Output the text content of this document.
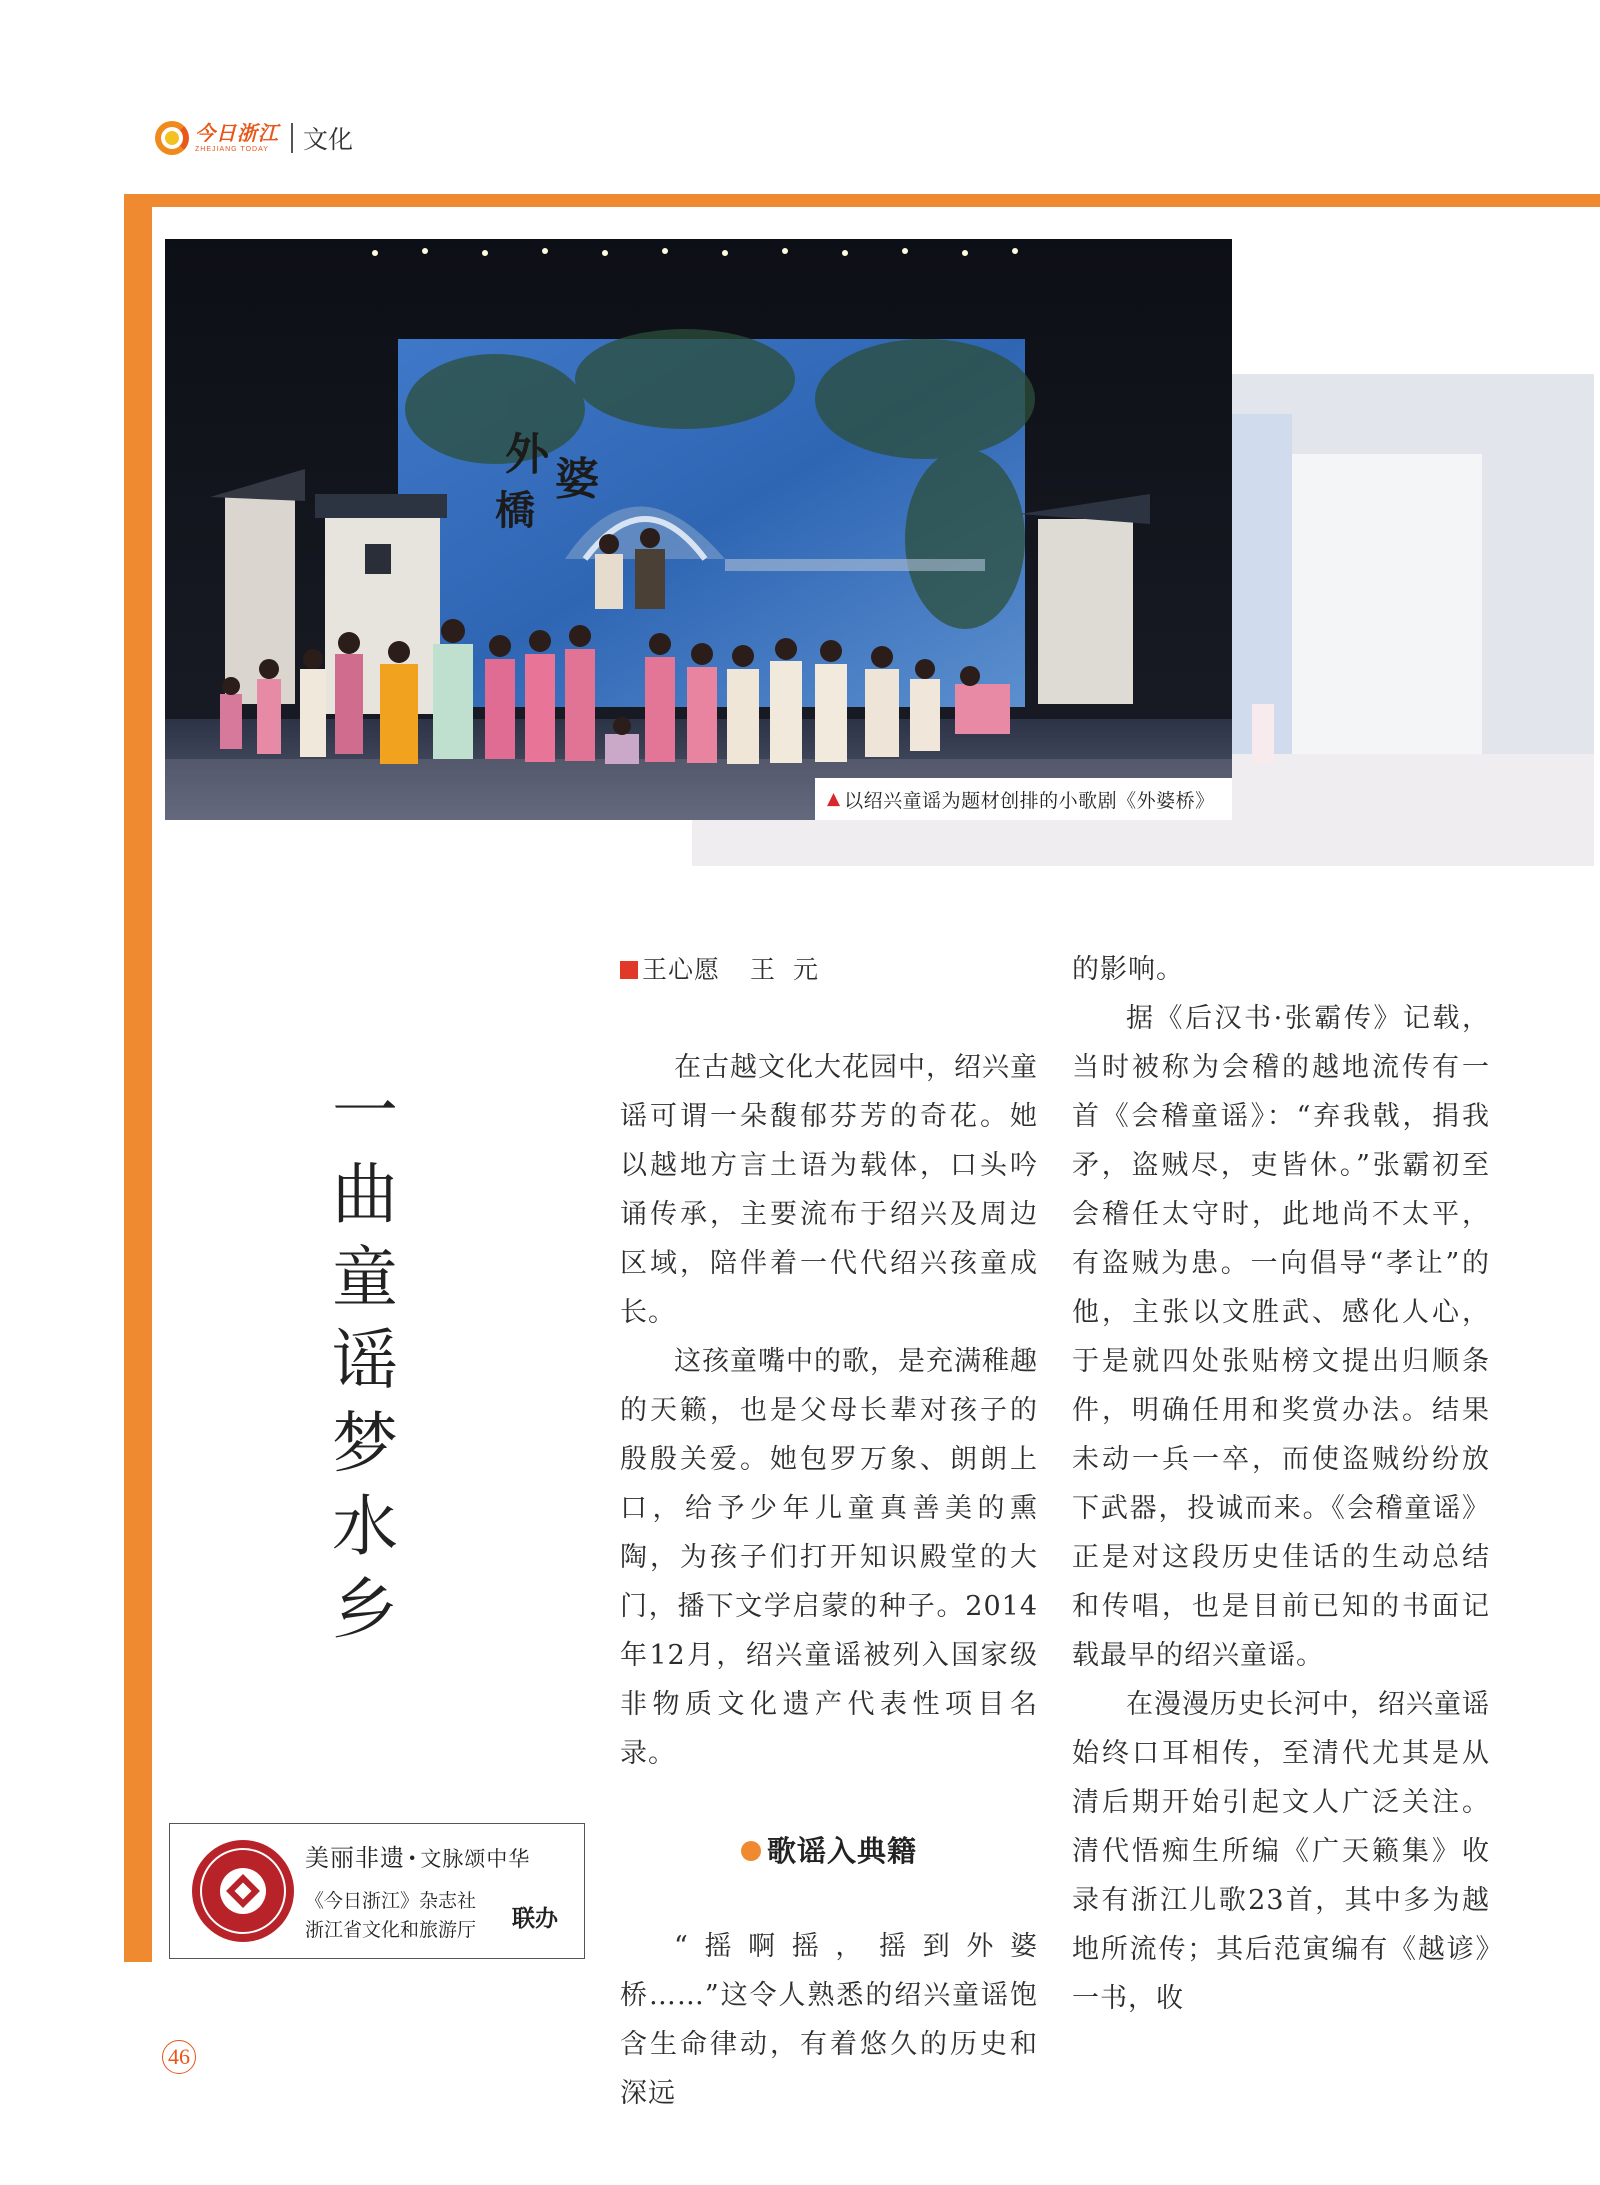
今日浙江
ZHEJIANG TODAY	文化
外 婆
橋
▲ 以绍兴童谣为题材创排的小歌剧《外婆桥》
一
曲
童
谣
梦
水
乡
王心愿 王元

在古越文化大花园中，绍兴童谣可谓一朵馥郁芬芳的奇花。她以越地方言土语为载体，口头吟诵传承，主要流布于绍兴及周边区域，陪伴着一代代绍兴孩童成长。

这孩童嘴中的歌，是充满稚趣的天籁，也是父母长辈对孩子的殷殷关爱。她包罗万象、朗朗上口，给予少年儿童真善美的熏陶，为孩子们打开知识殿堂的大门，播下文学启蒙的种子。2014年12月，绍兴童谣被列入国家级非物质文化遗产代表性项目名录。

歌谣入典籍

“摇啊摇，摇到外婆桥……”这令人熟悉的绍兴童谣饱含生命律动，有着悠久的历史和深远

的影响。

据《后汉书·张霸传》记载，当时被称为会稽的越地流传有一首《会稽童谣》：“弃我戟，捐我矛，盗贼尽，吏皆休。”张霸初至会稽任太守时，此地尚不太平，有盗贼为患。一向倡导“孝让”的他，主张以文胜武、感化人心，于是就四处张贴榜文提出归顺条件，明确任用和奖赏办法。结果未动一兵一卒，而使盗贼纷纷放下武器，投诚而来。《会稽童谣》正是对这段历史佳话的生动总结和传唱，也是目前已知的书面记载最早的绍兴童谣。

在漫漫历史长河中，绍兴童谣始终口耳相传，至清代尤其是从清后期开始引起文人广泛关注。清代悟痴生所编《广天籁集》收录有浙江儿歌23首，其中多为越地所流传；其后范寅编有《越谚》一书，收

美丽非遗 · 文脉颂中华
《今日浙江》杂志社
浙江省文化和旅游厅 联办
46
